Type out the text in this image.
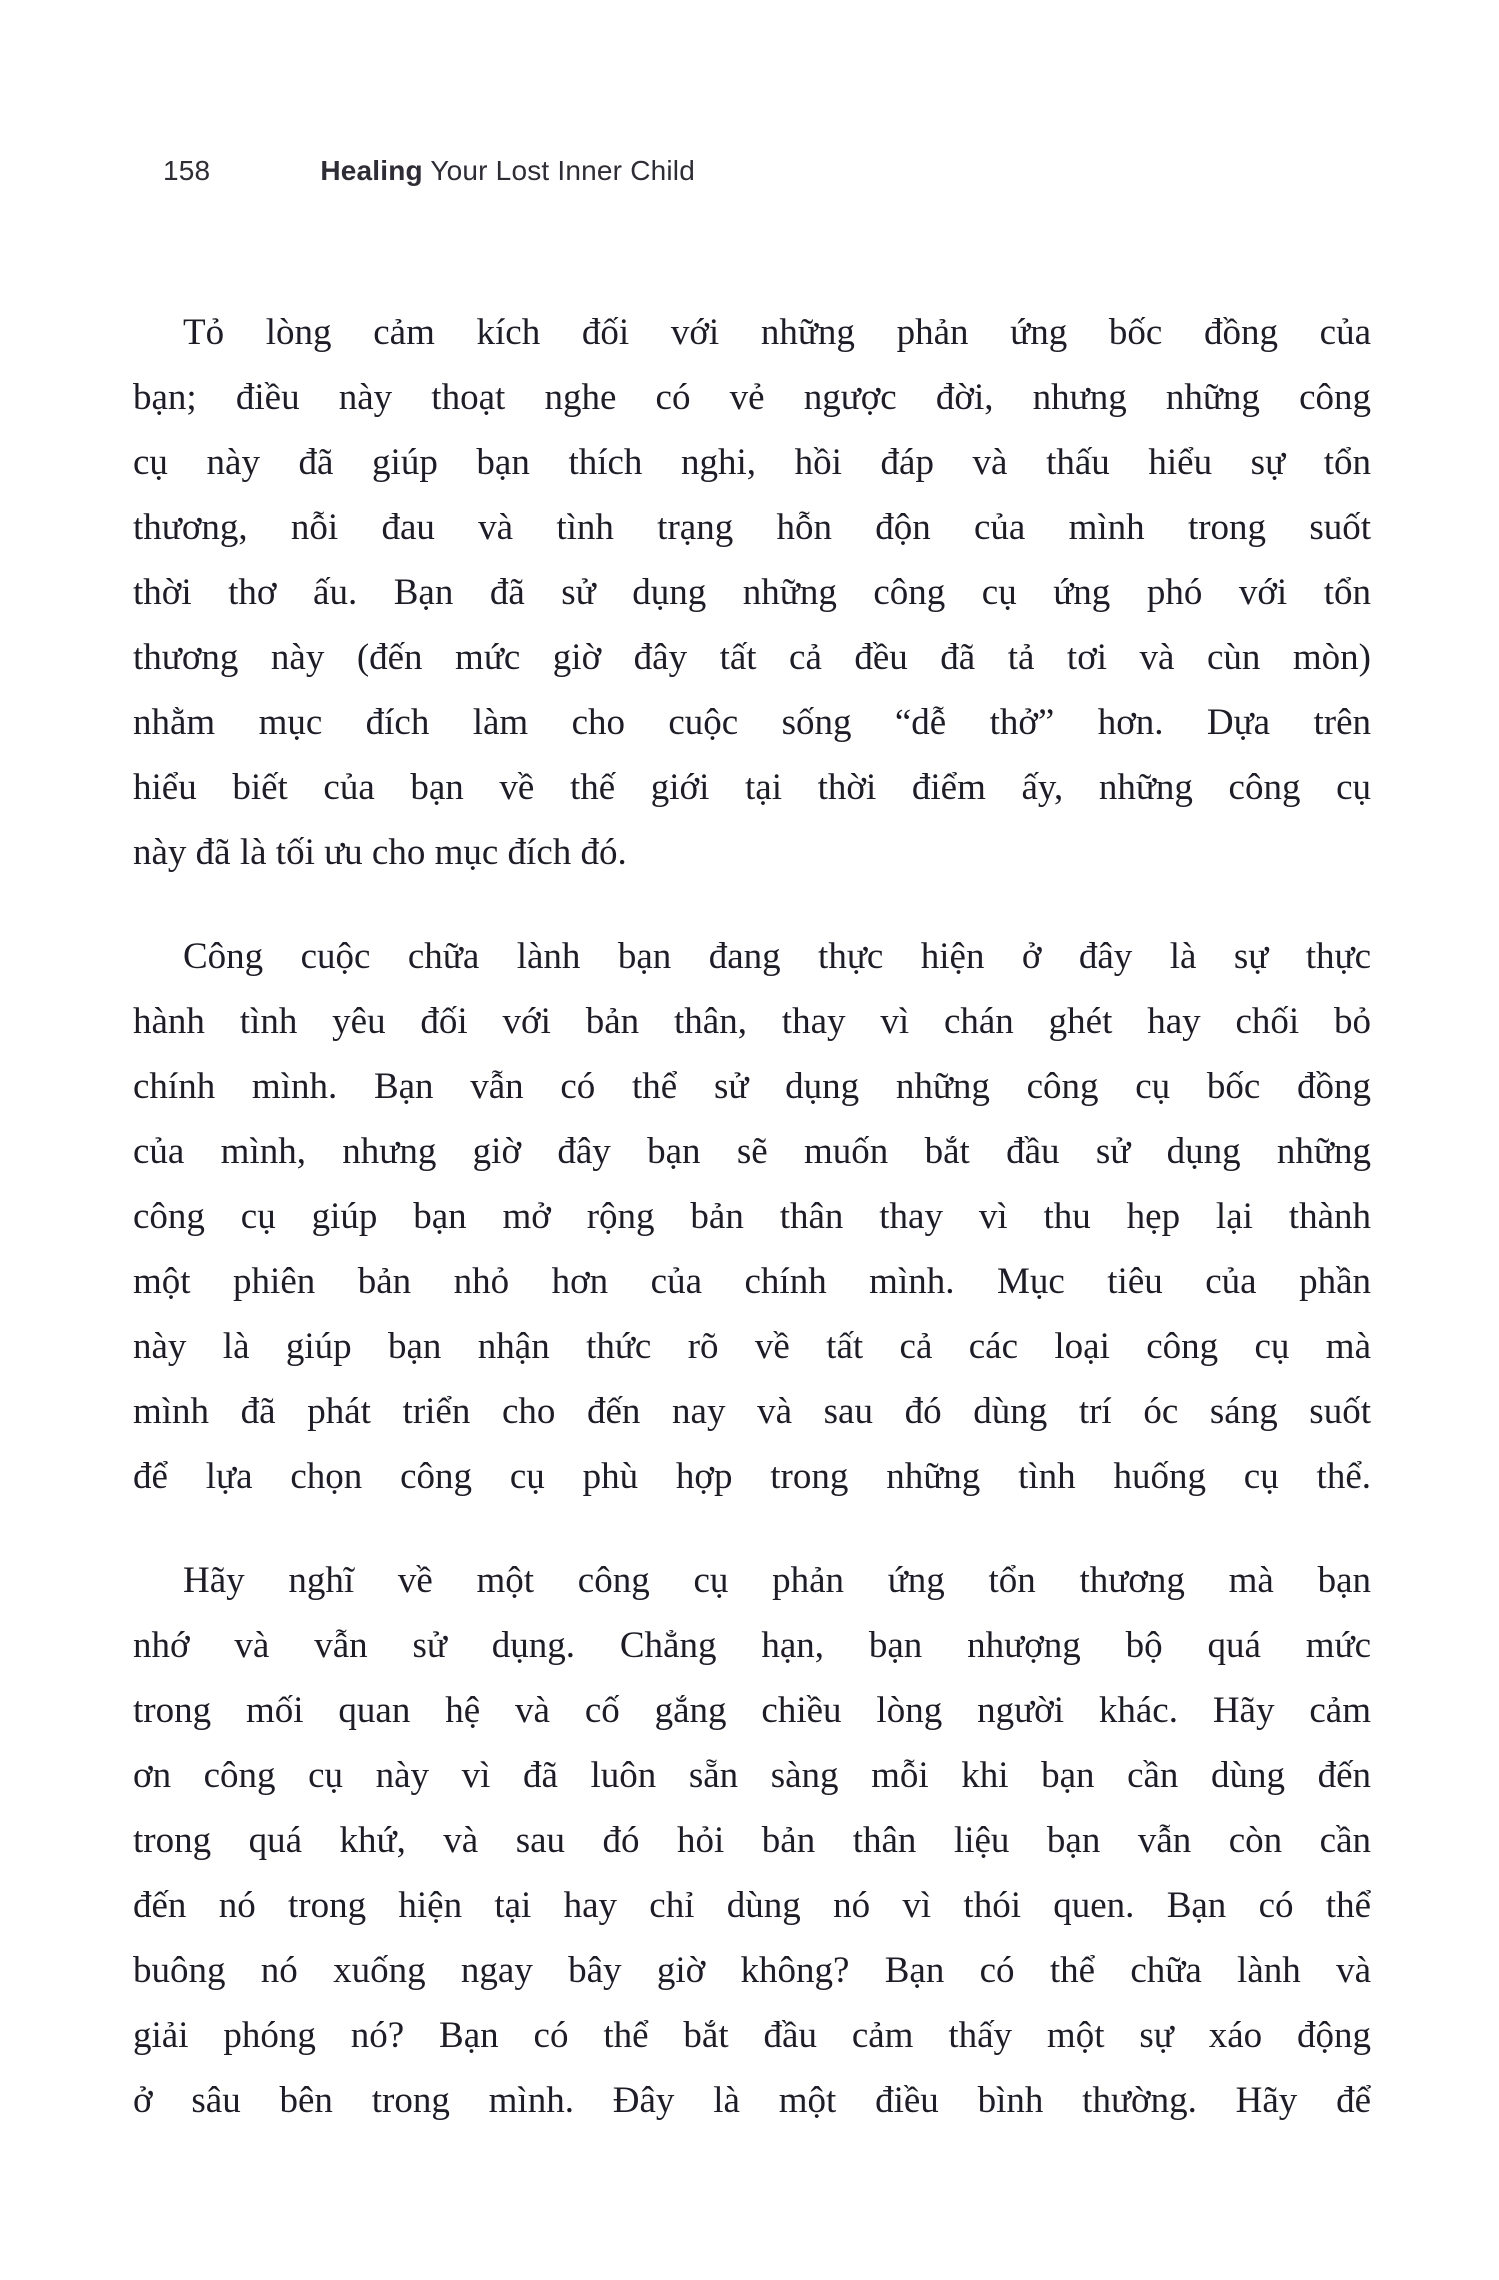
158	Healing Your Lost Inner Child
Tỏ lòng cảm kích đối với những phản ứng bốc đồng của
bạn; điều này thoạt nghe có vẻ ngược đời, nhưng những công
cụ này đã giúp bạn thích nghi, hồi đáp và thấu hiểu sự tổn
thương, nỗi đau và tình trạng hỗn độn của mình trong suốt
thời thơ ấu. Bạn đã sử dụng những công cụ ứng phó với tổn
thương này (đến mức giờ đây tất cả đều đã tả tơi và cùn mòn)
nhằm mục đích làm cho cuộc sống “dễ thở” hơn. Dựa trên
hiểu biết của bạn về thế giới tại thời điểm ấy, những công cụ
này đã là tối ưu cho mục đích đó.
Công cuộc chữa lành bạn đang thực hiện ở đây là sự thực
hành tình yêu đối với bản thân, thay vì chán ghét hay chối bỏ
chính mình. Bạn vẫn có thể sử dụng những công cụ bốc đồng
của mình, nhưng giờ đây bạn sẽ muốn bắt đầu sử dụng những
công cụ giúp bạn mở rộng bản thân thay vì thu hẹp lại thành
một phiên bản nhỏ hơn của chính mình. Mục tiêu của phần
này là giúp bạn nhận thức rõ về tất cả các loại công cụ mà
mình đã phát triển cho đến nay và sau đó dùng trí óc sáng suốt
để lựa chọn công cụ phù hợp trong những tình huống cụ thể.
Hãy nghĩ về một công cụ phản ứng tổn thương mà bạn
nhớ và vẫn sử dụng. Chẳng hạn, bạn nhượng bộ quá mức
trong mối quan hệ và cố gắng chiều lòng người khác. Hãy cảm
ơn công cụ này vì đã luôn sẵn sàng mỗi khi bạn cần dùng đến
trong quá khứ, và sau đó hỏi bản thân liệu bạn vẫn còn cần
đến nó trong hiện tại hay chỉ dùng nó vì thói quen. Bạn có thể
buông nó xuống ngay bây giờ không? Bạn có thể chữa lành và
giải phóng nó? Bạn có thể bắt đầu cảm thấy một sự xáo động
ở sâu bên trong mình. Đây là một điều bình thường. Hãy để
